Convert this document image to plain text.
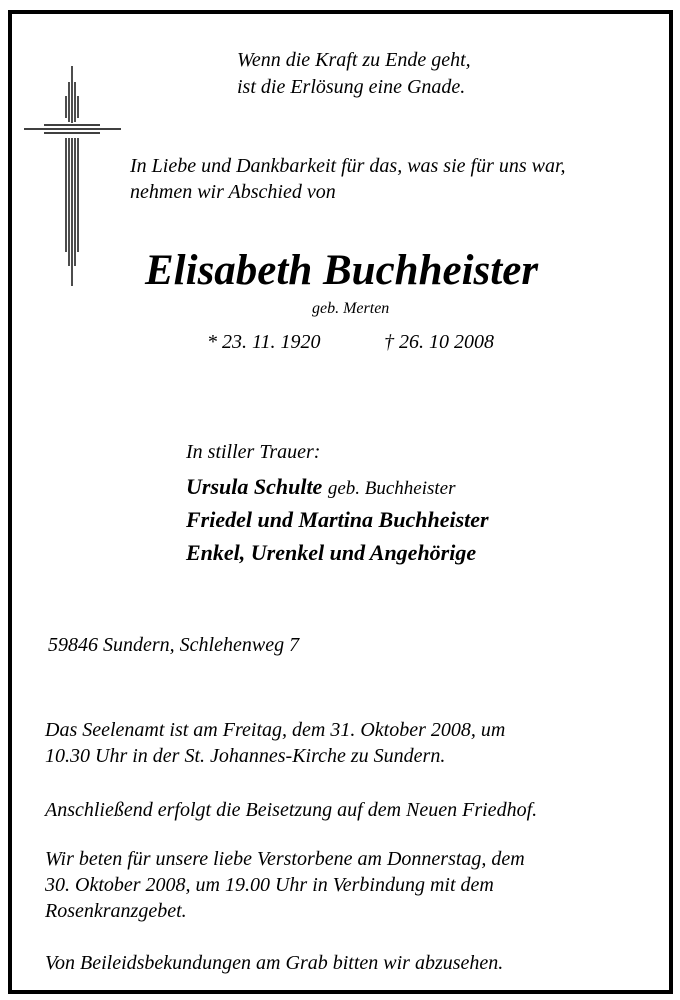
Wenn die Kraft zu Ende geht,
ist die Erlösung eine Gnade.
In Liebe und Dankbarkeit für das, was sie für uns war,
nehmen wir Abschied von
Elisabeth Buchheister
geb. Merten
* 23. 11. 1920	† 26. 10 2008
In stiller Trauer:
Ursula Schulte geb. Buchheister
Friedel und Martina Buchheister
Enkel, Urenkel und Angehörige
59846 Sundern, Schlehenweg 7
Das Seelenamt ist am Freitag, dem 31. Oktober 2008, um
10.30 Uhr in der St. Johannes-Kirche zu Sundern.
Anschließend erfolgt die Beisetzung auf dem Neuen Friedhof.
Wir beten für unsere liebe Verstorbene am Donnerstag, dem
30. Oktober 2008, um 19.00 Uhr in Verbindung mit dem
Rosenkranzgebet.
Von Beileidsbekundungen am Grab bitten wir abzusehen.
